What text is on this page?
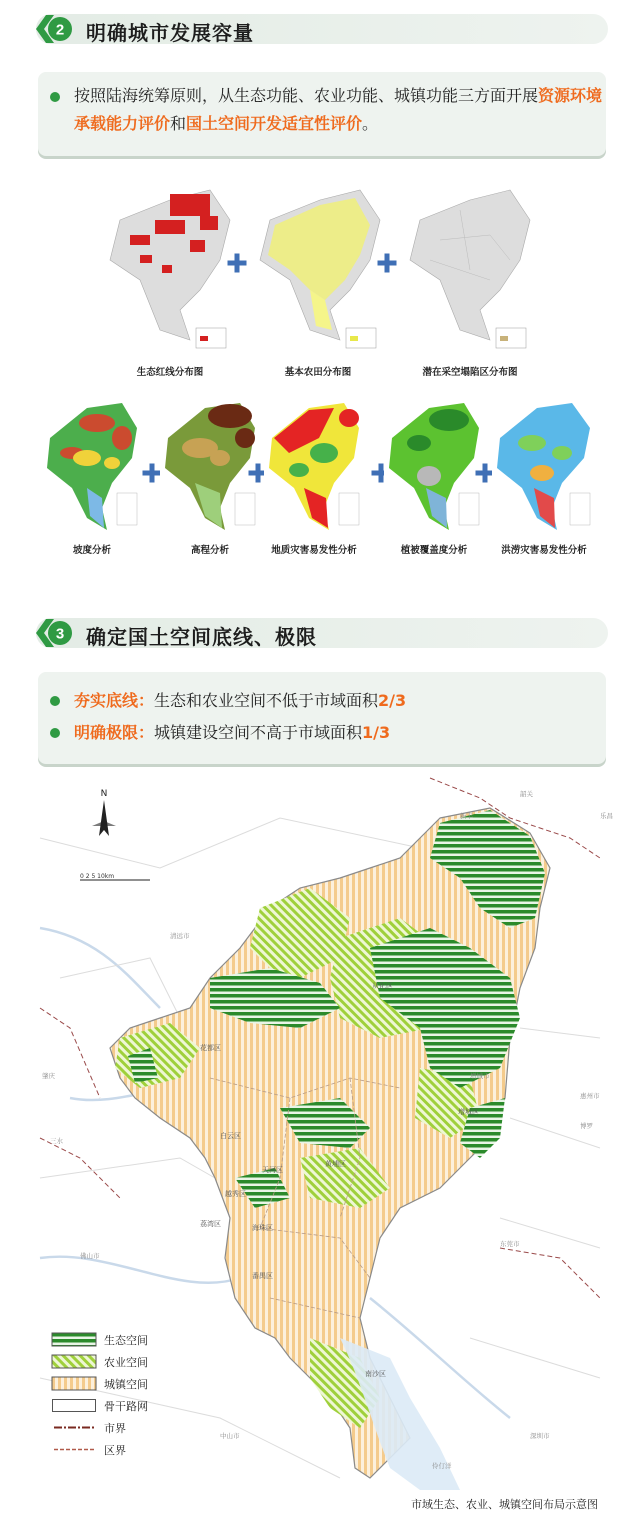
2 明确城市发展容量
按照陆海统筹原则，从生态功能、农业功能、城镇功能三方面开展资源环境承载能力评价和国土空间开发适宜性评价。
生态红线分布图	基本农田分布图	潜在采空塌陷区分布图
坡度分析	高程分析	地质灾害易发性分析	植被覆盖度分析	洪涝灾害易发性分析
3 确定国土空间底线、极限
夯实底线：生态和农业空间不低于市域面积2/3
明确极限：城镇建设空间不高于市域面积1/3
从化区
花都区
增城区
白云区
天河区
黄埔区
越秀区
荔湾区	海珠区
番禺区
南沙区
佛山市
清远市
惠州市
东莞市
中山市	深圳市
韶关
新丰
博罗
伶仃洋
肇庆
三水
增城市
乐昌
N
0 2 5 10km
生态空间
农业空间
城镇空间
骨干路网
市界
区界
市域生态、农业、城镇空间布局示意图
